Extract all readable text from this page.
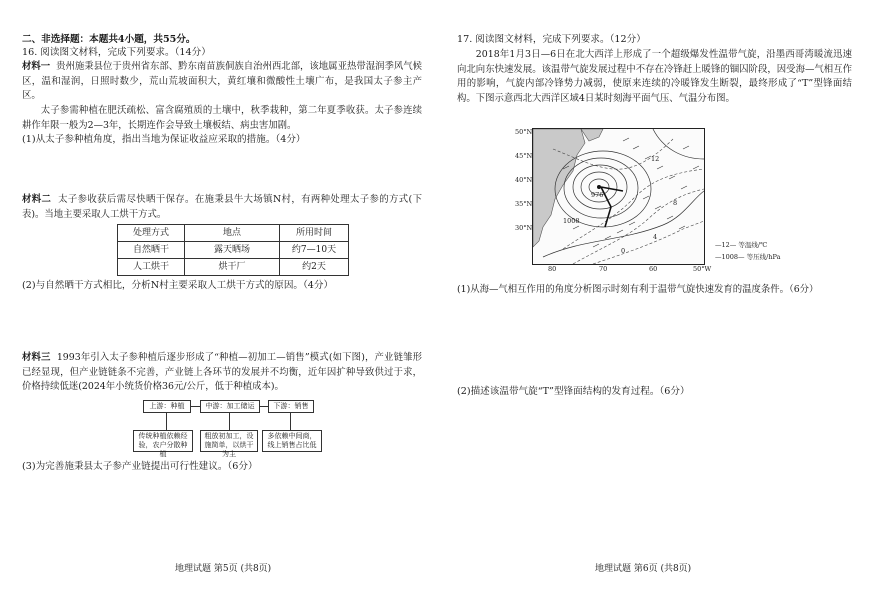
二、非选择题：本题共4小题，共55分。
16. 阅读图文材料，完成下列要求。（14分）
材料一 贵州施秉县位于贵州省东部、黔东南苗族侗族自治州西北部，该地属亚热带湿润季风气候区，温和湿润，日照时数少，荒山荒坡面积大，黄红壤和微酸性土壤广布，是我国太子参主产区。
太子参需种植在肥沃疏松、富含腐殖质的土壤中，秋季栽种，第二年夏季收获。太子参连续耕作年限一般为2—3年，长期连作会导致土壤板结、病虫害加剧。
(1)从太子参种植角度，指出当地为保证收益应采取的措施。（4分）
材料二 太子参收获后需尽快晒干保存。在施秉县牛大场镇N村，有两种处理太子参的方式(下表)。当地主要采取人工烘干方式。
处理方式	地点	所用时间
自然晒干	露天晒场	约7—10天
人工烘干	烘干厂	约2天
(2)与自然晒干方式相比，分析N村主要采取人工烘干方式的原因。（4分）
材料三 1993年引入太子参种植后逐步形成了“种植—初加工—销售”模式(如下图)，产业链雏形已经显现，但产业链链条不完善，产业链上各环节的发展并不均衡，近年因扩种导致供过于求，价格持续低迷(2024年小统货价格36元/公斤，低于种植成本)。
上游：种植	中游：加工储运	下游：销售
传统种植依赖经验，农户分散种植
粗放初加工，设施简单，以烘干为主
多依赖中间商，线上销售占比低
(3)为完善施秉县太子参产业链提出可行性建议。（6分）
地理试题 第5页 (共8页)
17. 阅读图文材料，完成下列要求。（12分）
2018年1月3日—6日在北大西洋上形成了一个超级爆发性温带气旋，沿墨西哥湾暖流迅速向北向东快速发展。该温带气旋发展过程中不存在冷锋赶上暖锋的锢囚阶段，因受海—气相互作用的影响，气旋内部冷锋势力减弱，使原来连续的冷暖锋发生断裂，最终形成了“T”型锋面结构。下图示意西北大西洋区域4日某时刻海平面气压、气温分布图。
50°N
45°N
40°N
35°N
30°N
976
12
1008
8
4
0
80	70	60	50°W
—12— 等温线/℃
—1008— 等压线/hPa
(1)从海—气相互作用的角度分析图示时刻有利于温带气旋快速发育的温度条件。（6分）
(2)描述该温带气旋“T”型锋面结构的发育过程。（6分）
地理试题 第6页 (共8页)
